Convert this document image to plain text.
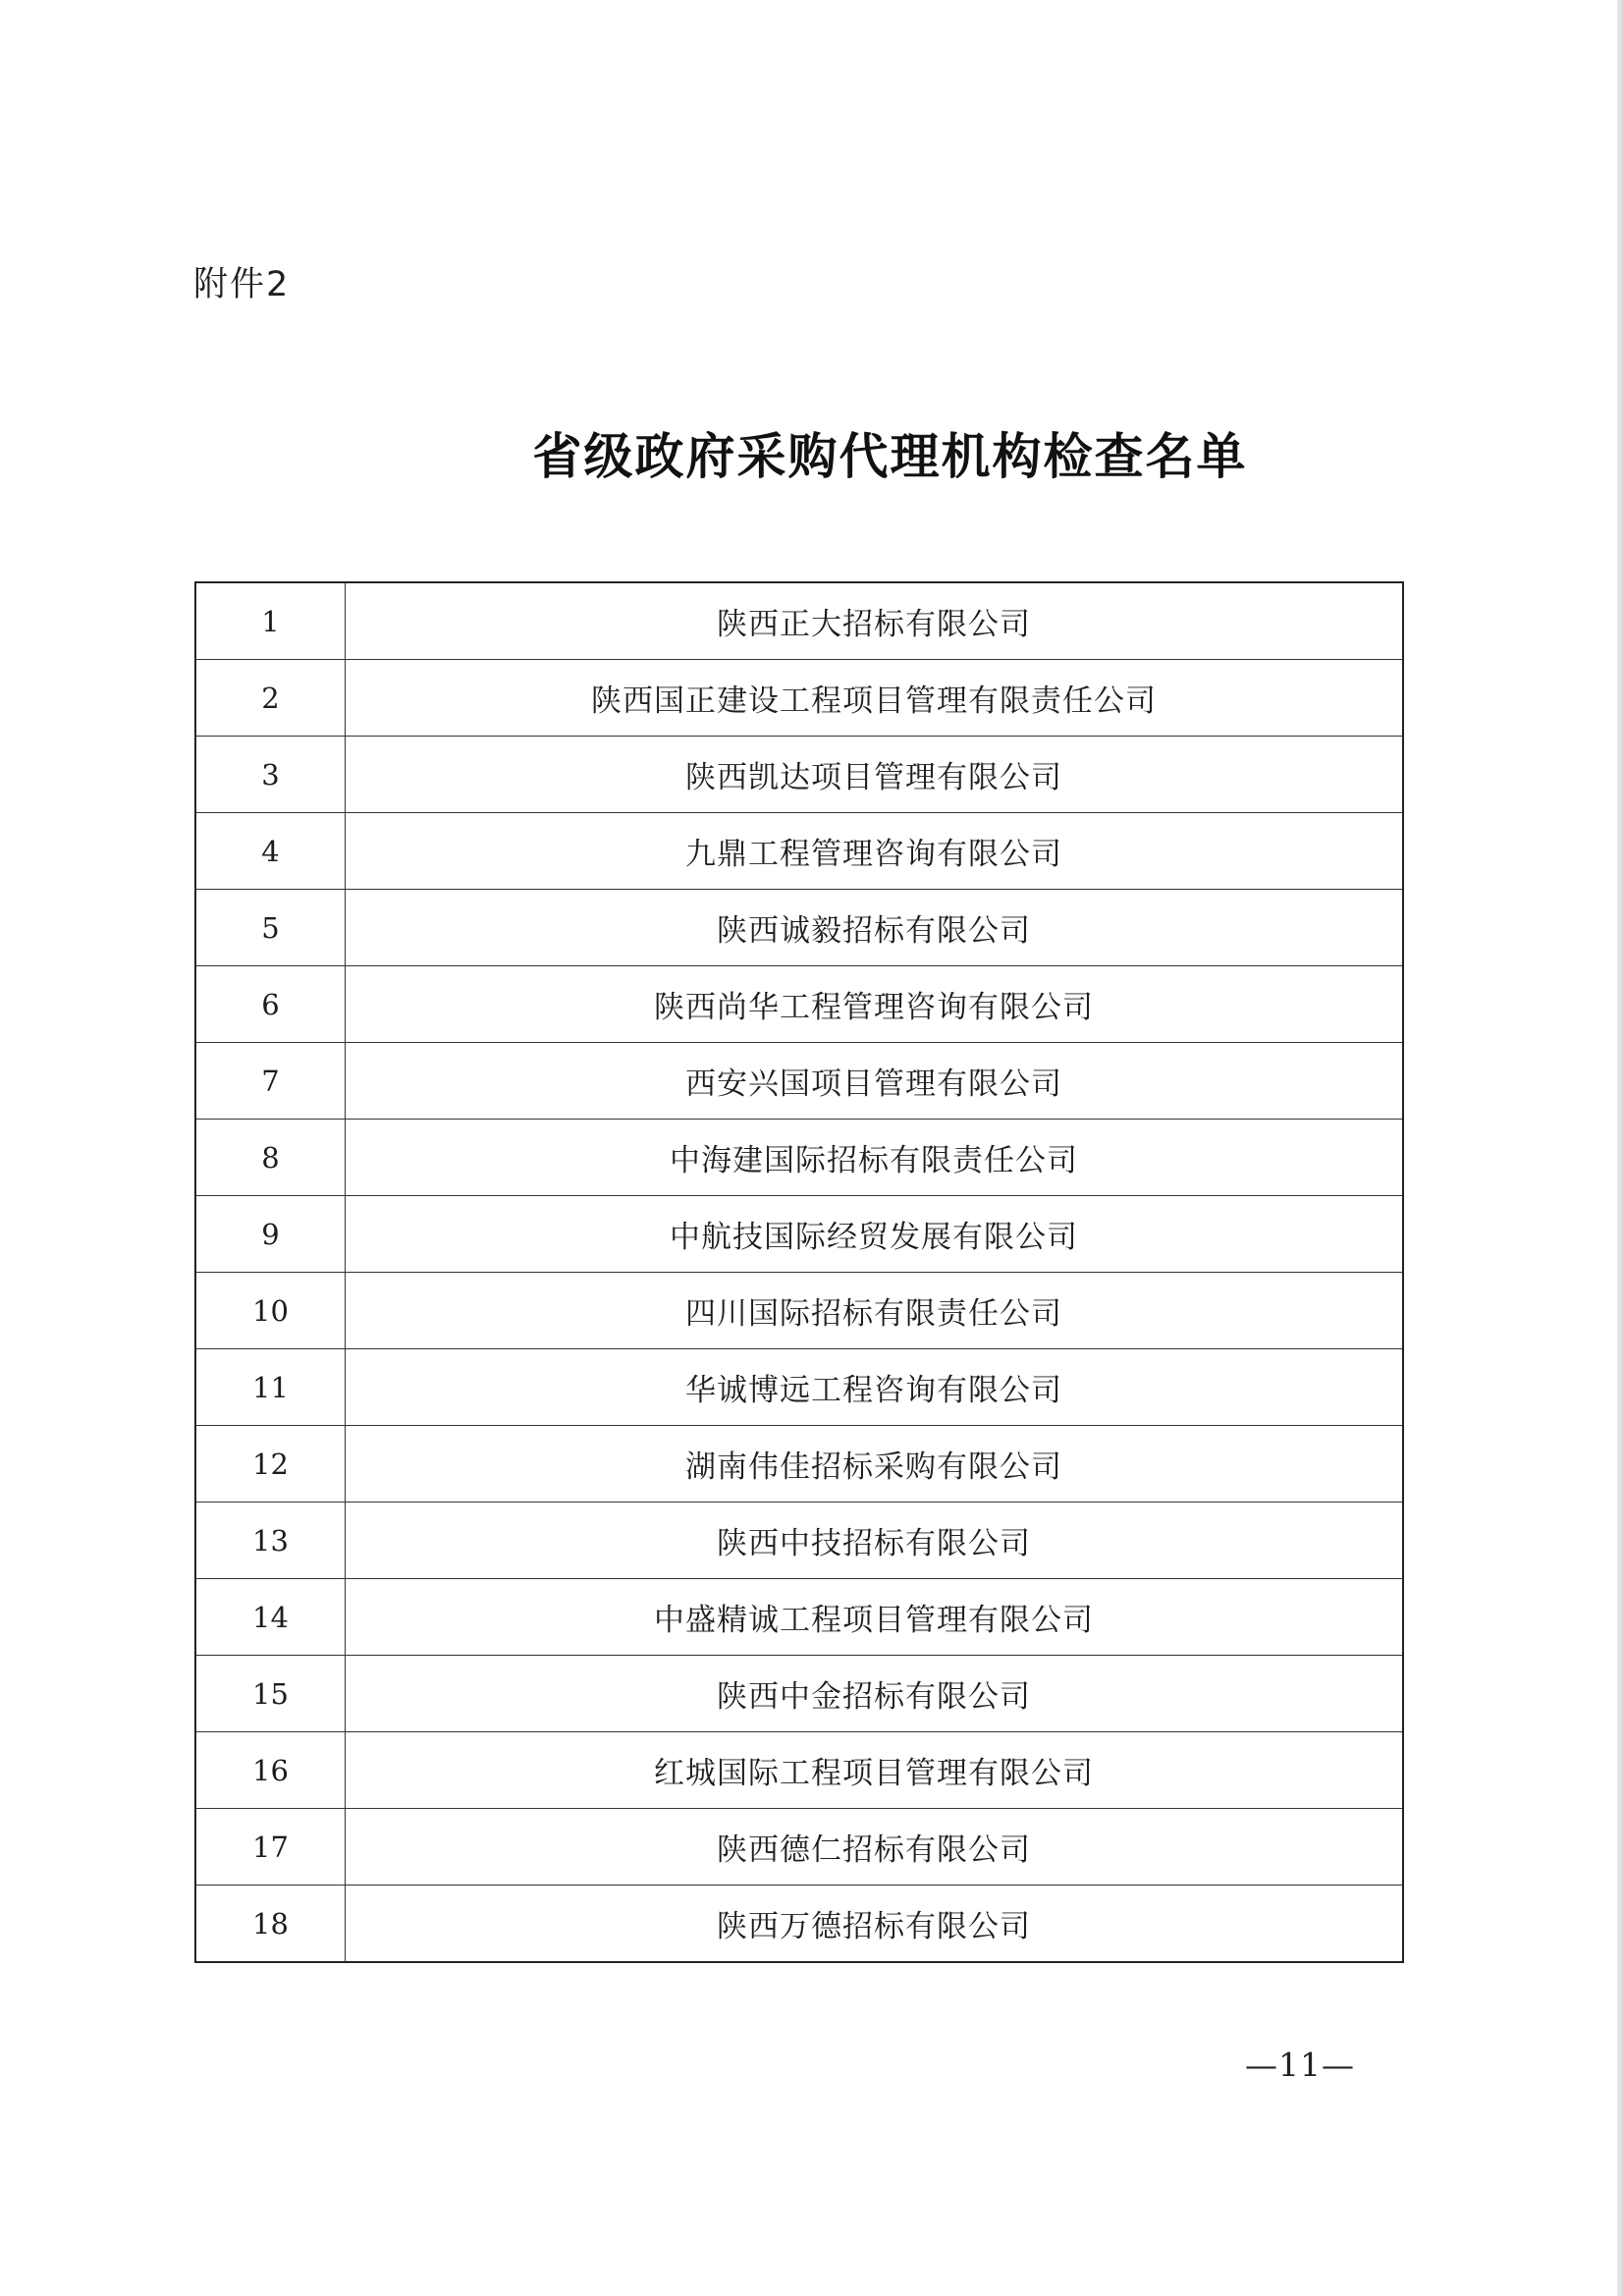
附件2
省级政府采购代理机构检查名单
1	陕西正大招标有限公司
2	陕西国正建设工程项目管理有限责任公司
3	陕西凯达项目管理有限公司
4	九鼎工程管理咨询有限公司
5	陕西诚毅招标有限公司
6	陕西尚华工程管理咨询有限公司
7	西安兴国项目管理有限公司
8	中海建国际招标有限责任公司
9	中航技国际经贸发展有限公司
10	四川国际招标有限责任公司
11	华诚博远工程咨询有限公司
12	湖南伟佳招标采购有限公司
13	陕西中技招标有限公司
14	中盛精诚工程项目管理有限公司
15	陕西中金招标有限公司
16	红城国际工程项目管理有限公司
17	陕西德仁招标有限公司
18	陕西万德招标有限公司
—11—
